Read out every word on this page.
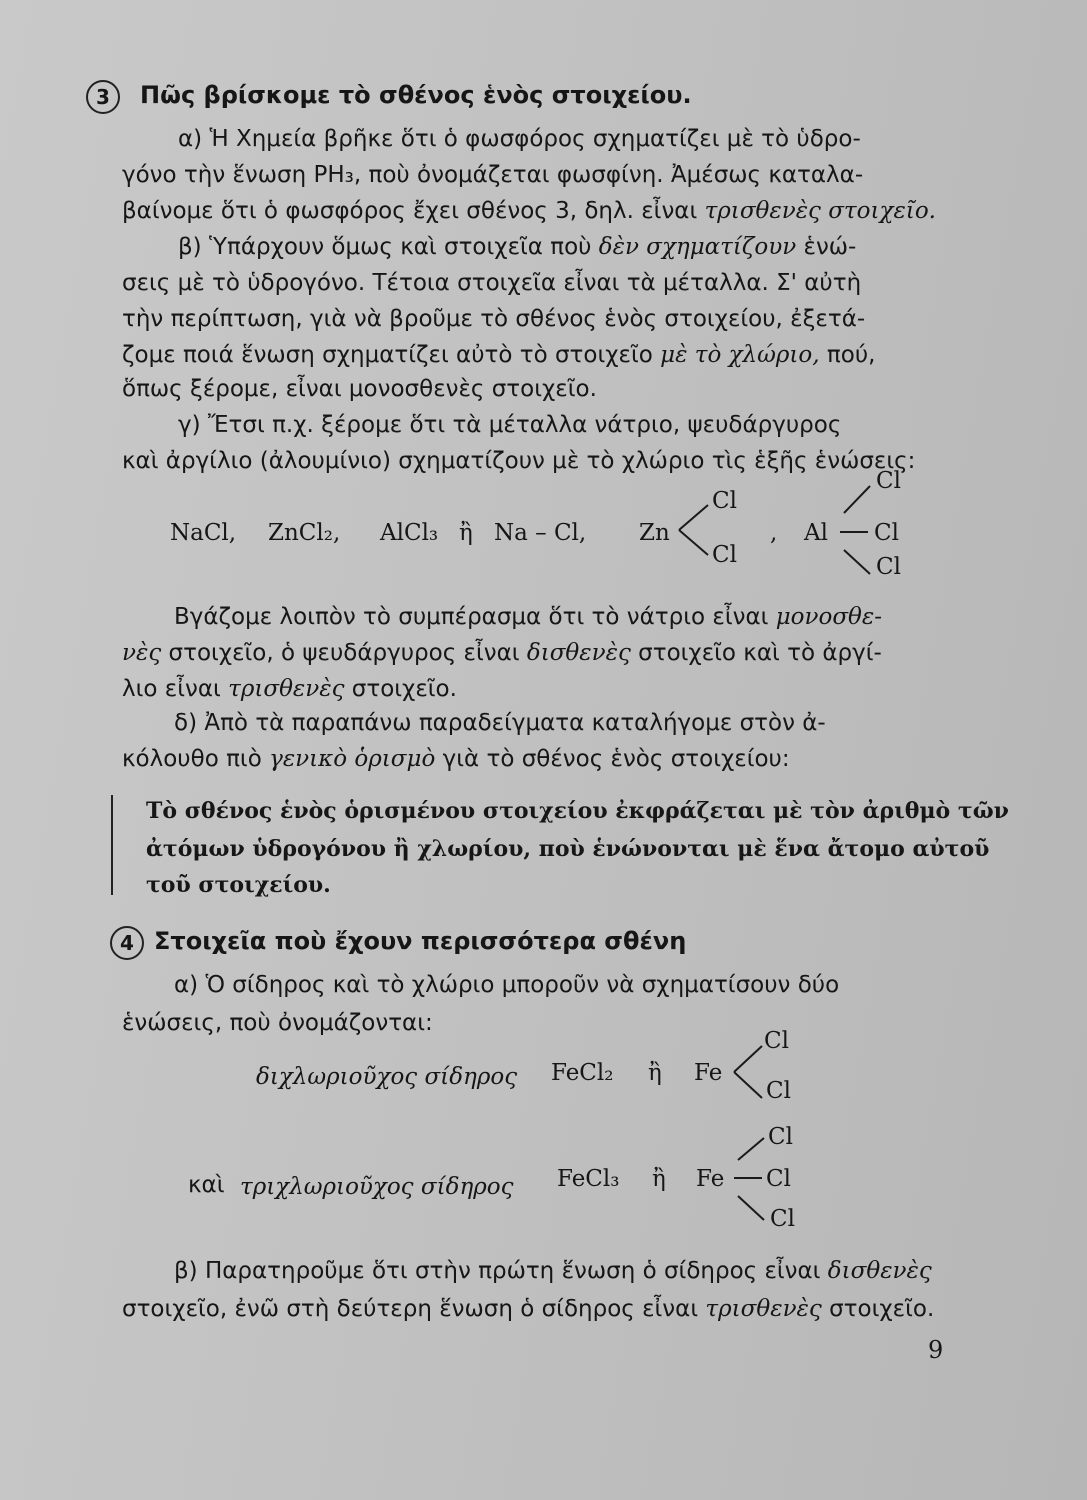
3	Πῶς βρίσκομε τὸ σθένος ἑνὸς στοιχείου.
α) Ἡ Χημεία βρῆκε ὅτι ὁ φωσφόρος σχηματίζει μὲ τὸ ὑδρο-
γόνο τὴν ἕνωση PH₃, ποὺ ὀνομάζεται φωσφίνη. Ἀμέσως καταλα-
βαίνομε ὅτι ὁ φωσφόρος ἔχει σθένος 3, δηλ. εἶναι τρισθενὲς στοιχεῖο.
β) Ὑπάρχουν ὅμως καὶ στοιχεῖα ποὺ δὲν σχηματίζουν ἑνώ-
σεις μὲ τὸ ὑδρογόνο. Τέτοια στοιχεῖα εἶναι τὰ μέταλλα. Σ' αὐτὴ
τὴν περίπτωση, γιὰ νὰ βροῦμε τὸ σθένος ἑνὸς στοιχείου, ἐξετά-
ζομε ποιά ἕνωση σχηματίζει αὐτὸ τὸ στοιχεῖο μὲ τὸ χλώριο, πού,
ὅπως ξέρομε, εἶναι μονοσθενὲς στοιχεῖο.
γ) Ἔτσι π.χ. ξέρομε ὅτι τὰ μέταλλα νάτριο, ψευδάργυρος
καὶ ἀργίλιο (ἀλουμίνιο) σχηματίζουν μὲ τὸ χλώριο τὶς ἑξῆς ἑνώσεις:
NaCl, ZnCl₂, AlCl₃ ἢ Na – Cl, Zn
Cl
Cl
, Al
Cl
Cl
Cl
Βγάζομε λοιπὸν τὸ συμπέρασμα ὅτι τὸ νάτριο εἶναι μονοσθε-
νὲς στοιχεῖο, ὁ ψευδάργυρος εἶναι δισθενὲς στοιχεῖο καὶ τὸ ἀργί-
λιο εἶναι τρισθενὲς στοιχεῖο.
δ) Ἀπὸ τὰ παραπάνω παραδείγματα καταλήγομε στὸν ἀ-
κόλουθο πιὸ γενικὸ ὁρισμὸ γιὰ τὸ σθένος ἑνὸς στοιχείου:
Τὸ σθένος ἑνὸς ὁρισμένου στοιχείου ἐκφράζεται μὲ τὸν ἀριθμὸ τῶν
ἀτόμων ὑδρογόνου ἢ χλωρίου, ποὺ ἑνώνονται μὲ ἕνα ἄτομο αὐτοῦ
τοῦ στοιχείου.
4 Στοιχεῖα ποὺ ἔχουν περισσότερα σθένη
α) Ὁ σίδηρος καὶ τὸ χλώριο μποροῦν νὰ σχηματίσουν δύο
ἑνώσεις, ποὺ ὀνομάζονται:
διχλωριοῦχος σίδηρος FeCl₂ ἢ Fe
Cl
Cl
Cl
καὶ τριχλωριοῦχος σίδηρος FeCl₃ ἢ Fe Cl
Cl
β) Παρατηροῦμε ὅτι στὴν πρώτη ἕνωση ὁ σίδηρος εἶναι δισθενὲς
στοιχεῖο, ἐνῶ στὴ δεύτερη ἕνωση ὁ σίδηρος εἶναι τρισθενὲς στοιχεῖο.
9
